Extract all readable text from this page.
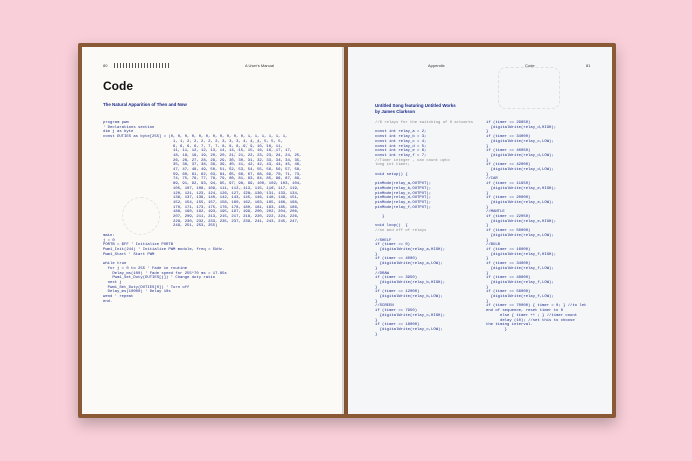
80	A User's Manual
Code
The Natural Apparition of Then and Now
program pwm
' Declarations section
dim j as byte
const DUTIES as byte[255] = (0, 0, 0, 0, 0, 0, 0, 0, 0, 0, 0, 1, 1, 1, 1, 1, 1,
1, 1, 2, 2, 2, 2, 2, 3, 3, 3, 4, 4, 4, 5, 5, 5,
6, 6, 6, 6, 7, 7, 7, 8, 8, 8, 9, 9, 10, 10, 11,
11, 11, 12, 12, 13, 14, 14, 15, 15, 16, 16, 17, 17,
18, 18, 19, 19, 20, 20, 21, 21, 22, 23, 23, 24, 24, 25,
26, 26, 27, 28, 29, 29, 30, 30, 31, 32, 33, 34, 34, 35,
35, 36, 37, 38, 39, 39, 40, 41, 42, 42, 43, 44, 45, 46,
47, 47, 48, 49, 50, 51, 52, 53, 54, 55, 56, 56, 57, 58,
59, 60, 61, 62, 63, 64, 65, 66, 67, 68, 69, 70, 71, 73,
74, 75, 76, 77, 78, 79, 80, 81, 83, 84, 85, 86, 87, 89,
89, 91, 92, 93, 94, 95, 97, 98, 99, 100, 102, 103, 104,
105, 107, 108, 109, 111, 112, 113, 115, 116, 117, 119,
120, 121, 123, 124, 126, 127, 128, 130, 131, 133, 134,
136, 137, 139, 140, 142, 143, 145, 146, 148, 149, 151,
152, 154, 155, 157, 158, 160, 162, 163, 165, 166, 168,
170, 171, 173, 175, 176, 178, 180, 181, 183, 185, 186,
188, 190, 192, 193, 195, 197, 199, 200, 202, 204, 206,
207, 209, 211, 213, 215, 217, 218, 220, 222, 224, 226,
228, 230, 232, 233, 235, 237, 239, 241, 243, 245, 247,
249, 251, 253, 255)

main:
j = 0
PORTB = $FF ' Initialize PORTB
Pwm1_Init(244) ' Initialize PWM module, freq = 5kHz.
Pwm1_Start ' Start PWM

while true
for j = 0 to 255 ' Fade in routine
Delay_ms(100) ' Fade speed for 255*70 ms = 17.85s
Pwm1_Set_Duty(DUTIES[j]) ' Change duty ratio
next j
Pwm1_Set_Duty(DUTIES[0]) ' Turn off
Delay_ms(10000) ' Delay 10s
wend ' repeat
end.
Appendix	Code	81
Untitled Song featuring Untitled Works
by James Clarkson
//6 relays for the switching of 6 artworks

const int relay_a = 2;
const int relay_b = 3;
const int relay_c = 4;
const int relay_d = 5;
const int relay_e = 6;
const int relay_f = 7;

//Timer integer , can count upto
long int timer;

void setup() {

pinMode(relay_a,OUTPUT);
pinMode(relay_b,OUTPUT);
pinMode(relay_c,OUTPUT);
pinMode(relay_d,OUTPUT);
pinMode(relay_e,OUTPUT);
pinMode(relay_f,OUTPUT);

}

void loop()  {

//on and off of relays

//SHELF
if (timer == 0)
{digitalWrite(relay_a,HIGH);
}
if (timer == 4000)
{digitalWrite(relay_a,LOW);
}
//DRAW
if (timer == 3950)
{digitalWrite(relay_b,HIGH);
}
if (timer == 12000)
{digitalWrite(relay_b,LOW);
}
//SCREEN
if (timer == 7950)
{digitalWrite(relay_c,HIGH);
}
if (timer == 18000)
{digitalWrite(relay_c,LOW);
}
if (timer == 29850)
{digitalWrite(relay_d,HIGH);
}
if (timer == 34000)
{digitalWrite(relay_c,LOW);
}
if (timer == 40050)
{digitalWrite(relay_d,LOW);
}
if (timer == 42000)
{digitalWrite(relay_d,LOW);
}
//CAR
if (timer == 11950)
{digitalWrite(relay_e,HIGH);
}
if (timer == 20000)
{digitalWrite(relay_e,LOW);
}
//MANTLE
if (timer == 22050)
{digitalWrite(relay_e,HIGH);
}
if (timer == 50000)
{digitalWrite(relay_e,LOW);
}
//BULB
if (timer == 16000)
{digitalWrite(relay_f,HIGH);
}
if (timer == 34000)
{digitalWrite(relay_f,LOW);
}
if (timer == 48000)
{digitalWrite(relay_f,LOW);
}
if (timer == 56000)
{digitalWrite(relay_f,LOW);
}
if (timer == 70000) { timer = 0; } //to let
end of sequence, reset timer to 0
else { timer ++ ; } //timer count
delay (10); //set this to choose
the timing interval.
}
